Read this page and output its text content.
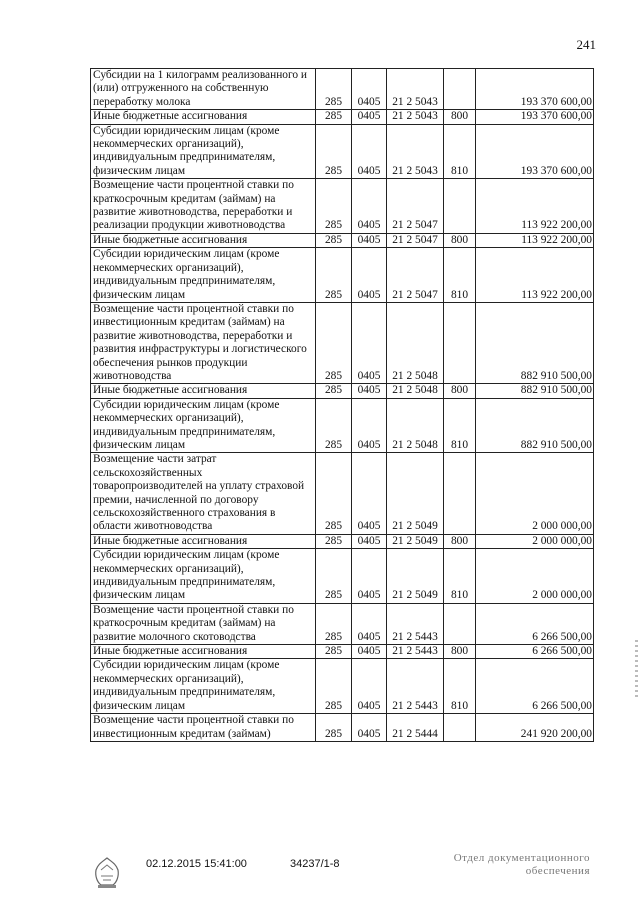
241
Субсидии на 1 килограмм реализованного и (или) отгруженного на собственную переработку молока	285	0405	21 2 5043		193 370 600,00
Иные бюджетные ассигнования	285	0405	21 2 5043	800	193 370 600,00
Субсидии юридическим лицам (кроме некоммерческих организаций), индивидуальным предпринимателям, физическим лицам	285	0405	21 2 5043	810	193 370 600,00
Возмещение части процентной ставки по краткосрочным кредитам (займам) на развитие животноводства, переработки и реализации продукции животноводства	285	0405	21 2 5047		113 922 200,00
Иные бюджетные ассигнования	285	0405	21 2 5047	800	113 922 200,00
Субсидии юридическим лицам (кроме некоммерческих организаций), индивидуальным предпринимателям, физическим лицам	285	0405	21 2 5047	810	113 922 200,00
Возмещение части процентной ставки по инвестиционным кредитам (займам) на развитие животноводства, переработки и развития инфраструктуры и логистического обеспечения рынков продукции животноводства	285	0405	21 2 5048		882 910 500,00
Иные бюджетные ассигнования	285	0405	21 2 5048	800	882 910 500,00
Субсидии юридическим лицам (кроме некоммерческих организаций), индивидуальным предпринимателям, физическим лицам	285	0405	21 2 5048	810	882 910 500,00
Возмещение части затрат сельскохозяйственных товаропроизводителей на уплату страховой премии, начисленной по договору сельскохозяйственного страхования в области животноводства	285	0405	21 2 5049		2 000 000,00
Иные бюджетные ассигнования	285	0405	21 2 5049	800	2 000 000,00
Субсидии юридическим лицам (кроме некоммерческих организаций), индивидуальным предпринимателям, физическим лицам	285	0405	21 2 5049	810	2 000 000,00
Возмещение части процентной ставки по краткосрочным кредитам (займам) на развитие молочного скотоводства	285	0405	21 2 5443		6 266 500,00
Иные бюджетные ассигнования	285	0405	21 2 5443	800	6 266 500,00
Субсидии юридическим лицам (кроме некоммерческих организаций), индивидуальным предпринимателям, физическим лицам	285	0405	21 2 5443	810	6 266 500,00
Возмещение части процентной ставки по инвестиционным кредитам (займам)	285	0405	21 2 5444		241 920 200,00
02.12.2015 15:41:00	34237/1-8	Отдел документационного
обеспечения
